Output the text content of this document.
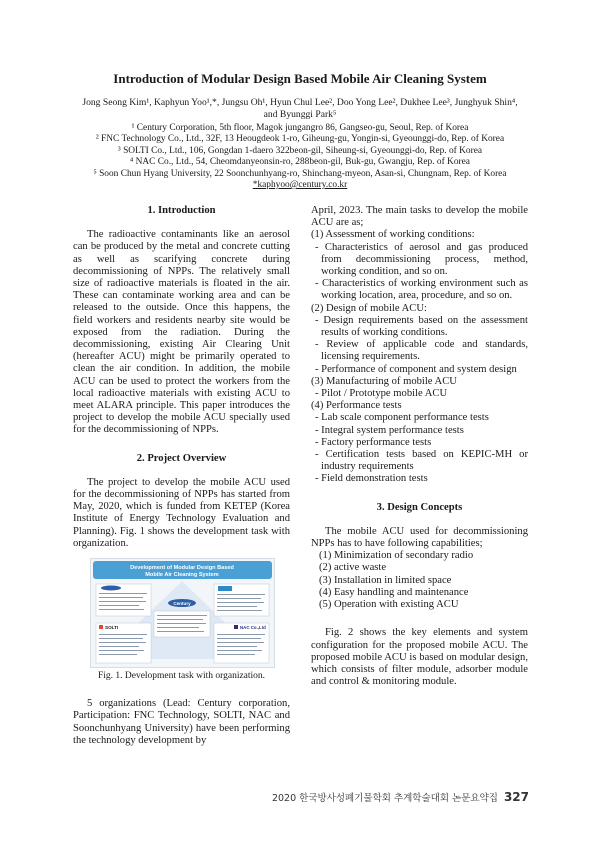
Introduction of Modular Design Based Mobile Air Cleaning System
Jong Seong Kim¹, Kaphyun Yoo¹,*, Jungsu Oh¹, Hyun Chul Lee², Doo Yong Lee², Dukhee Lee³, Junghyuk Shin⁴,
and Byunggi Park⁵
¹ Century Corporation, 5th floor, Magok jungangro 86, Gangseo-gu, Seoul, Rep. of Korea
² FNC Technology Co., Ltd., 32F, 13 Heougdeok 1-ro, Giheung-gu, Yongin-si, Gyeounggi-do, Rep. of Korea
³ SOLTI Co., Ltd., 106, Gongdan 1-daero 322beon-gil, Siheung-si, Gyeounggi-do, Rep. of Korea
⁴ NAC Co., Ltd., 54, Cheomdanyeonsin-ro, 288beon-gil, Buk-gu, Gwangju, Rep. of Korea
⁵ Soon Chun Hyang University, 22 Soonchunhyang-ro, Shinchang-myeon, Asan-si, Chungnam, Rep. of Korea
*kaphyoo@century.co.kr
1. Introduction

The radioactive contaminants like an aerosol can be produced by the metal and concrete cutting as well as scarifying concrete during decommissioning of NPPs. The relatively small size of radioactive materials is floated in the air. These can contaminate working area and can be released to the outside. Once this happens, the field workers and residents nearby site would be exposed from the radiation. During the decommissioning, existing Air Clearing Unit (hereafter ACU) might be primarily operated to clean the air condition. In addition, the mobile ACU can be used to protect the workers from the local radioactive materials with existing ACU to meet ALARA principle. This paper introduces the project to develop the mobile ACU specially used for the decommissioning of NPPs.

2. Project Overview

The project to develop the mobile ACU used for the decommissioning of NPPs has started from May, 2020, which is funded from KETEP (Korea Institute of Energy Technology Evaluation and Planning). Fig. 1 shows the development task with organization.

Development of Modular Design Based
Mobile Air Cleaning System
Century
SOLTI	NAC Co.,Ltd
Fig. 1. Development task with organization.

5 organizations (Lead: Century corporation, Participation: FNC Technology, SOLTI, NAC and Soonchunhyang University) have been performing the technology development by

April, 2023. The main tasks to develop the mobile ACU are as;

(1) Assessment of working conditions:
- Characteristics of aerosol and gas produced from decommissioning process, method, working condition, and so on.
- Characteristics of working environment such as working location, area, procedure, and so on.
(2) Design of mobile ACU:
- Design requirements based on the assessment results of working conditions.
- Review of applicable code and standards, licensing requirements.
- Performance of component and system design
(3) Manufacturing of mobile ACU
- Pilot / Prototype mobile ACU
(4) Performance tests
- Lab scale component performance tests
- Integral system performance tests
- Factory performance tests
- Certification tests based on KEPIC-MH or industry requirements
- Field demonstration tests
3. Design Concepts

The mobile ACU used for decommissioning NPPs has to have following capabilities;

(1) Minimization of secondary radio
(2) active waste
(3) Installation in limited space
(4) Easy handling and maintenance
(5) Operation with existing ACU

Fig. 2 shows the key elements and system configuration for the proposed mobile ACU. The proposed mobile ACU is based on modular design, which consists of filter module, adsorber module and control & monitoring module.

2020 한국방사성폐기물학회 추계학술대회 논문요약집 327
